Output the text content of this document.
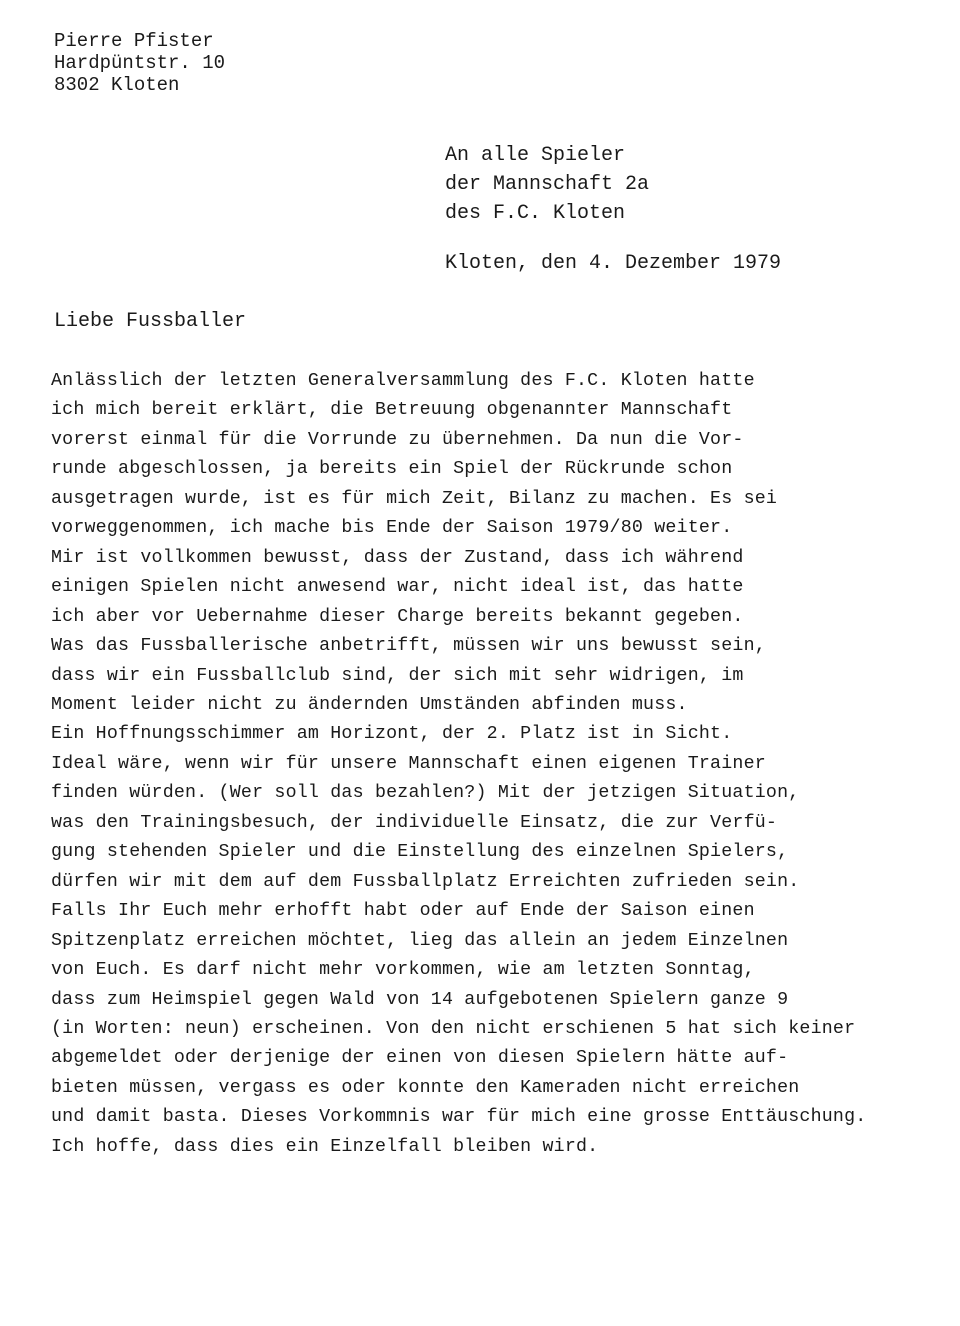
Pierre Pfister
Hardpüntstr. 10
8302 Kloten
An alle Spieler
der Mannschaft 2a
des F.C. Kloten
Kloten, den 4. Dezember 1979
Liebe Fussballer
Anlässlich der letzten Generalversammlung des F.C. Kloten hatte
ich mich bereit erklärt, die Betreuung obgenannter Mannschaft
vorerst einmal für die Vorrunde zu übernehmen. Da nun die Vor-
runde abgeschlossen, ja bereits ein Spiel der Rückrunde schon
ausgetragen wurde, ist es für mich Zeit, Bilanz zu machen. Es sei
vorweggenommen, ich mache bis Ende der Saison 1979/80 weiter.
Mir ist vollkommen bewusst, dass der Zustand, dass ich während
einigen Spielen nicht anwesend war, nicht ideal ist, das hatte
ich aber vor Uebernahme dieser Charge bereits bekannt gegeben.
Was das Fussballerische anbetrifft, müssen wir uns bewusst sein,
dass wir ein Fussballclub sind, der sich mit sehr widrigen, im
Moment leider nicht zu ändernden Umständen abfinden muss.
Ein Hoffnungsschimmer am Horizont, der 2. Platz ist in Sicht.
Ideal wäre, wenn wir für unsere Mannschaft einen eigenen Trainer
finden würden. (Wer soll das bezahlen?) Mit der jetzigen Situation,
was den Trainingsbesuch, der individuelle Einsatz, die zur Verfü-
gung stehenden Spieler und die Einstellung des einzelnen Spielers,
dürfen wir mit dem auf dem Fussballplatz Erreichten zufrieden sein.
Falls Ihr Euch mehr erhofft habt oder auf Ende der Saison einen
Spitzenplatz erreichen möchtet, lieg das allein an jedem Einzelnen
von Euch. Es darf nicht mehr vorkommen, wie am letzten Sonntag,
dass zum Heimspiel gegen Wald von 14 aufgebotenen Spielern ganze 9
(in Worten: neun) erscheinen. Von den nicht erschienen 5 hat sich keiner
abgemeldet oder derjenige der einen von diesen Spielern hätte auf-
bieten müssen, vergass es oder konnte den Kameraden nicht erreichen
und damit basta. Dieses Vorkommnis war für mich eine grosse Enttäuschung.
Ich hoffe, dass dies ein Einzelfall bleiben wird.
